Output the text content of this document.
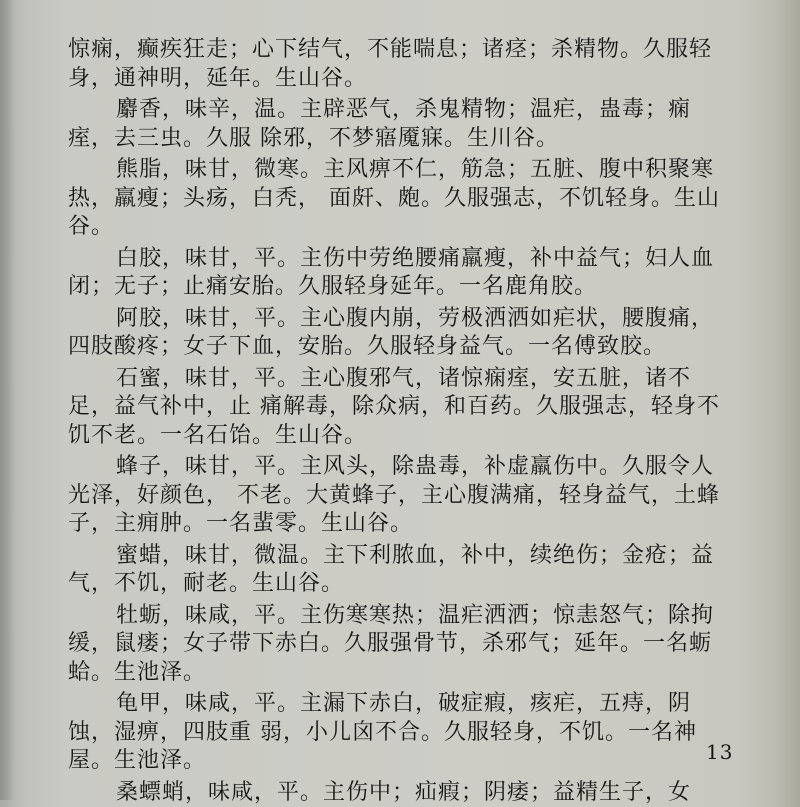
惊痫，癫疾狂走；心下结气，不能喘息；诸痉；杀精物。久服轻身，通神明，延年。生山谷。

麝香，味辛，温。主辟恶气，杀鬼精物；温疟，蛊毒；痫痓，去三虫。久服 除邪，不梦寤魇寐。生川谷。

熊脂，味甘，微寒。主风痹不仁，筋急；五脏、腹中积聚寒热，羸瘦；头疡，白秃， 面皯、皰。久服强志，不饥轻身。生山谷。

白胶，味甘，平。主伤中劳绝腰痛羸瘦，补中益气；妇人血闭；无子；止痛安胎。久服轻身延年。一名鹿角胶。

阿胶，味甘，平。主心腹内崩，劳极洒洒如疟状，腰腹痛，四肢酸疼；女子下血，安胎。久服轻身益气。一名傅致胶。

石蜜，味甘，平。主心腹邪气，诸惊痫痓，安五脏，诸不足，益气补中，止 痛解毒，除众病，和百药。久服强志，轻身不饥不老。一名石饴。生山谷。

蜂子，味甘，平。主风头，除蛊毒，补虚羸伤中。久服令人光泽，好颜色， 不老。大黄蜂子，主心腹满痛，轻身益气，土蜂子，主痈肿。一名蜚零。生山谷。

蜜蜡，味甘，微温。主下利脓血，补中，续绝伤；金疮；益气，不饥，耐老。生山谷。

牡蛎，味咸，平。主伤寒寒热；温疟洒洒；惊恚怒气；除拘缓，鼠瘘；女子带下赤白。久服强骨节，杀邪气；延年。一名蛎蛤。生池泽。

龟甲，味咸，平。主漏下赤白，破症瘕，痎疟，五痔，阴蚀，湿痹，四肢重 弱，小儿囟不合。久服轻身，不饥。一名神屋。生池泽。

桑螵蛸，味咸，平。主伤中；疝瘕；阴痿；益精生子，女

13
